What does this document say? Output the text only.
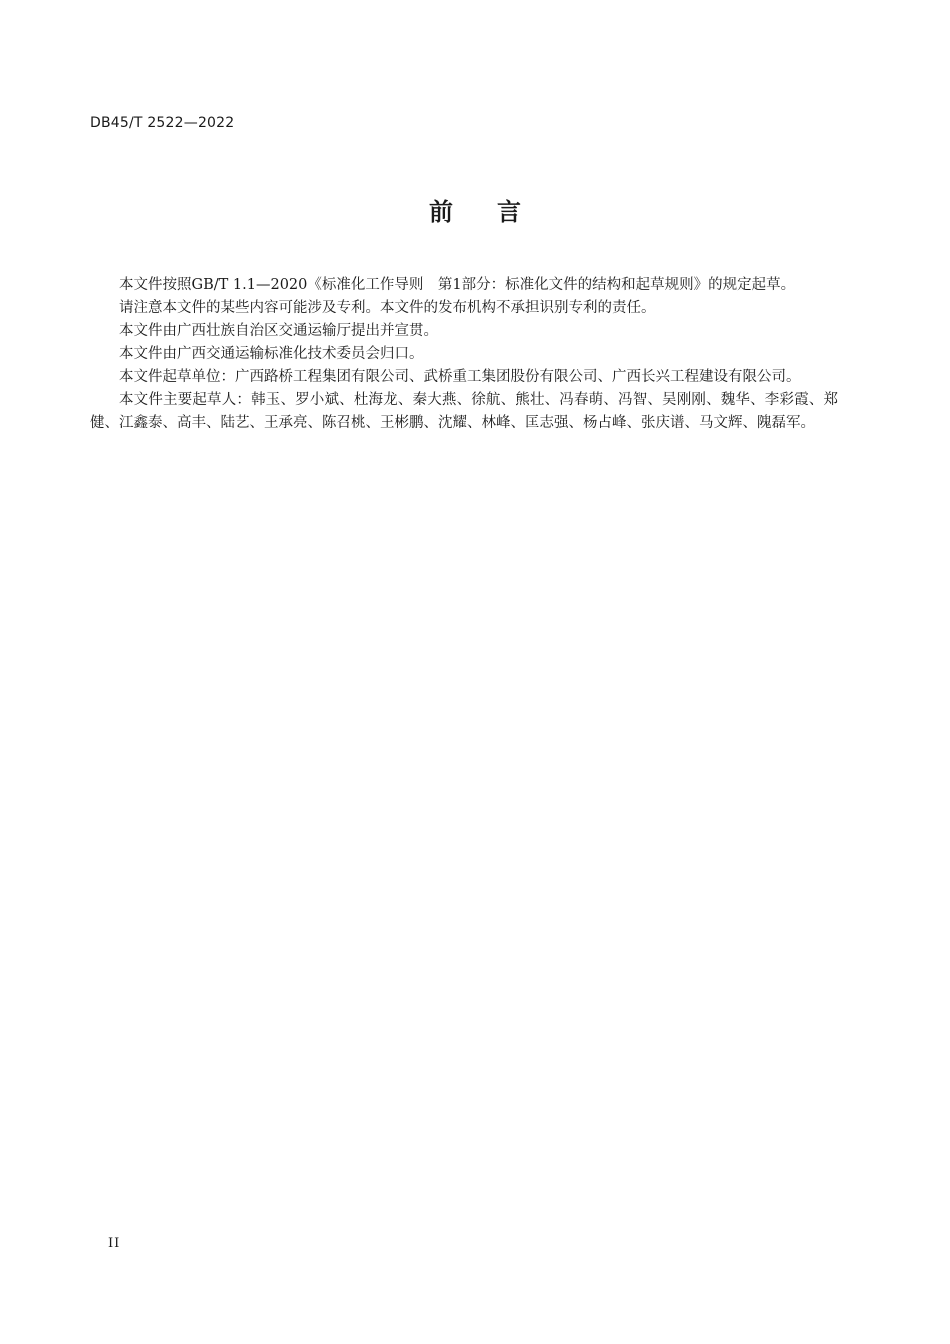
DB45/T 2522—2022
前言

本文件按照GB/T 1.1—2020《标准化工作导则　第1部分：标准化文件的结构和起草规则》的规定起草。

请注意本文件的某些内容可能涉及专利。本文件的发布机构不承担识别专利的责任。

本文件由广西壮族自治区交通运输厅提出并宣贯。

本文件由广西交通运输标准化技术委员会归口。

本文件起草单位：广西路桥工程集团有限公司、武桥重工集团股份有限公司、广西长兴工程建设有限公司。

本文件主要起草人：韩玉、罗小斌、杜海龙、秦大燕、徐航、熊壮、冯春萌、冯智、吴刚刚、魏华、李彩霞、郑健、江鑫泰、高丰、陆艺、王承亮、陈召桃、王彬鹏、沈耀、林峰、匡志强、杨占峰、张庆谱、马文辉、隗磊军。

II
